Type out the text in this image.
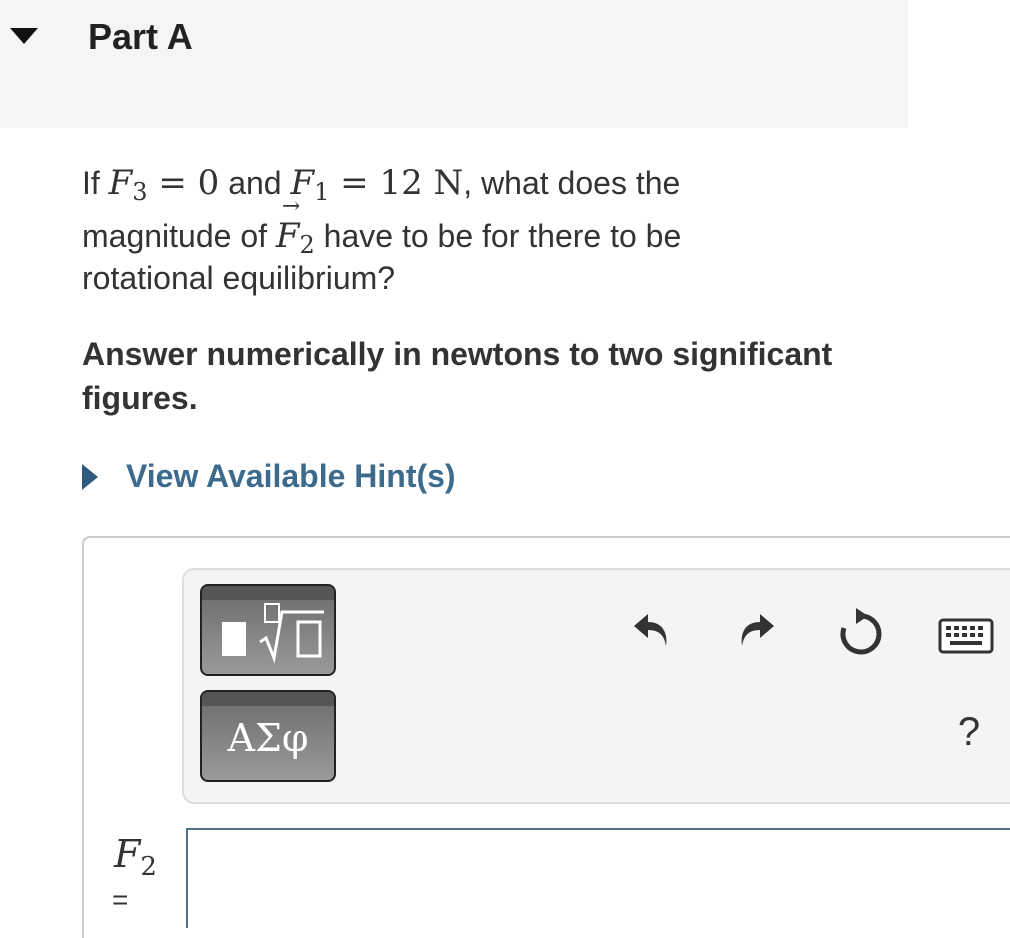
Part A
If $F_3 = 0$ and $F_1 = 12$ N, what does the
magnitude of → $F_2$ have to be for there to be
rotational equilibrium?
Answer numerically in newtons to two significant figures.
View Available Hint(s)
ΑΣφ	?
$F_2$
=
